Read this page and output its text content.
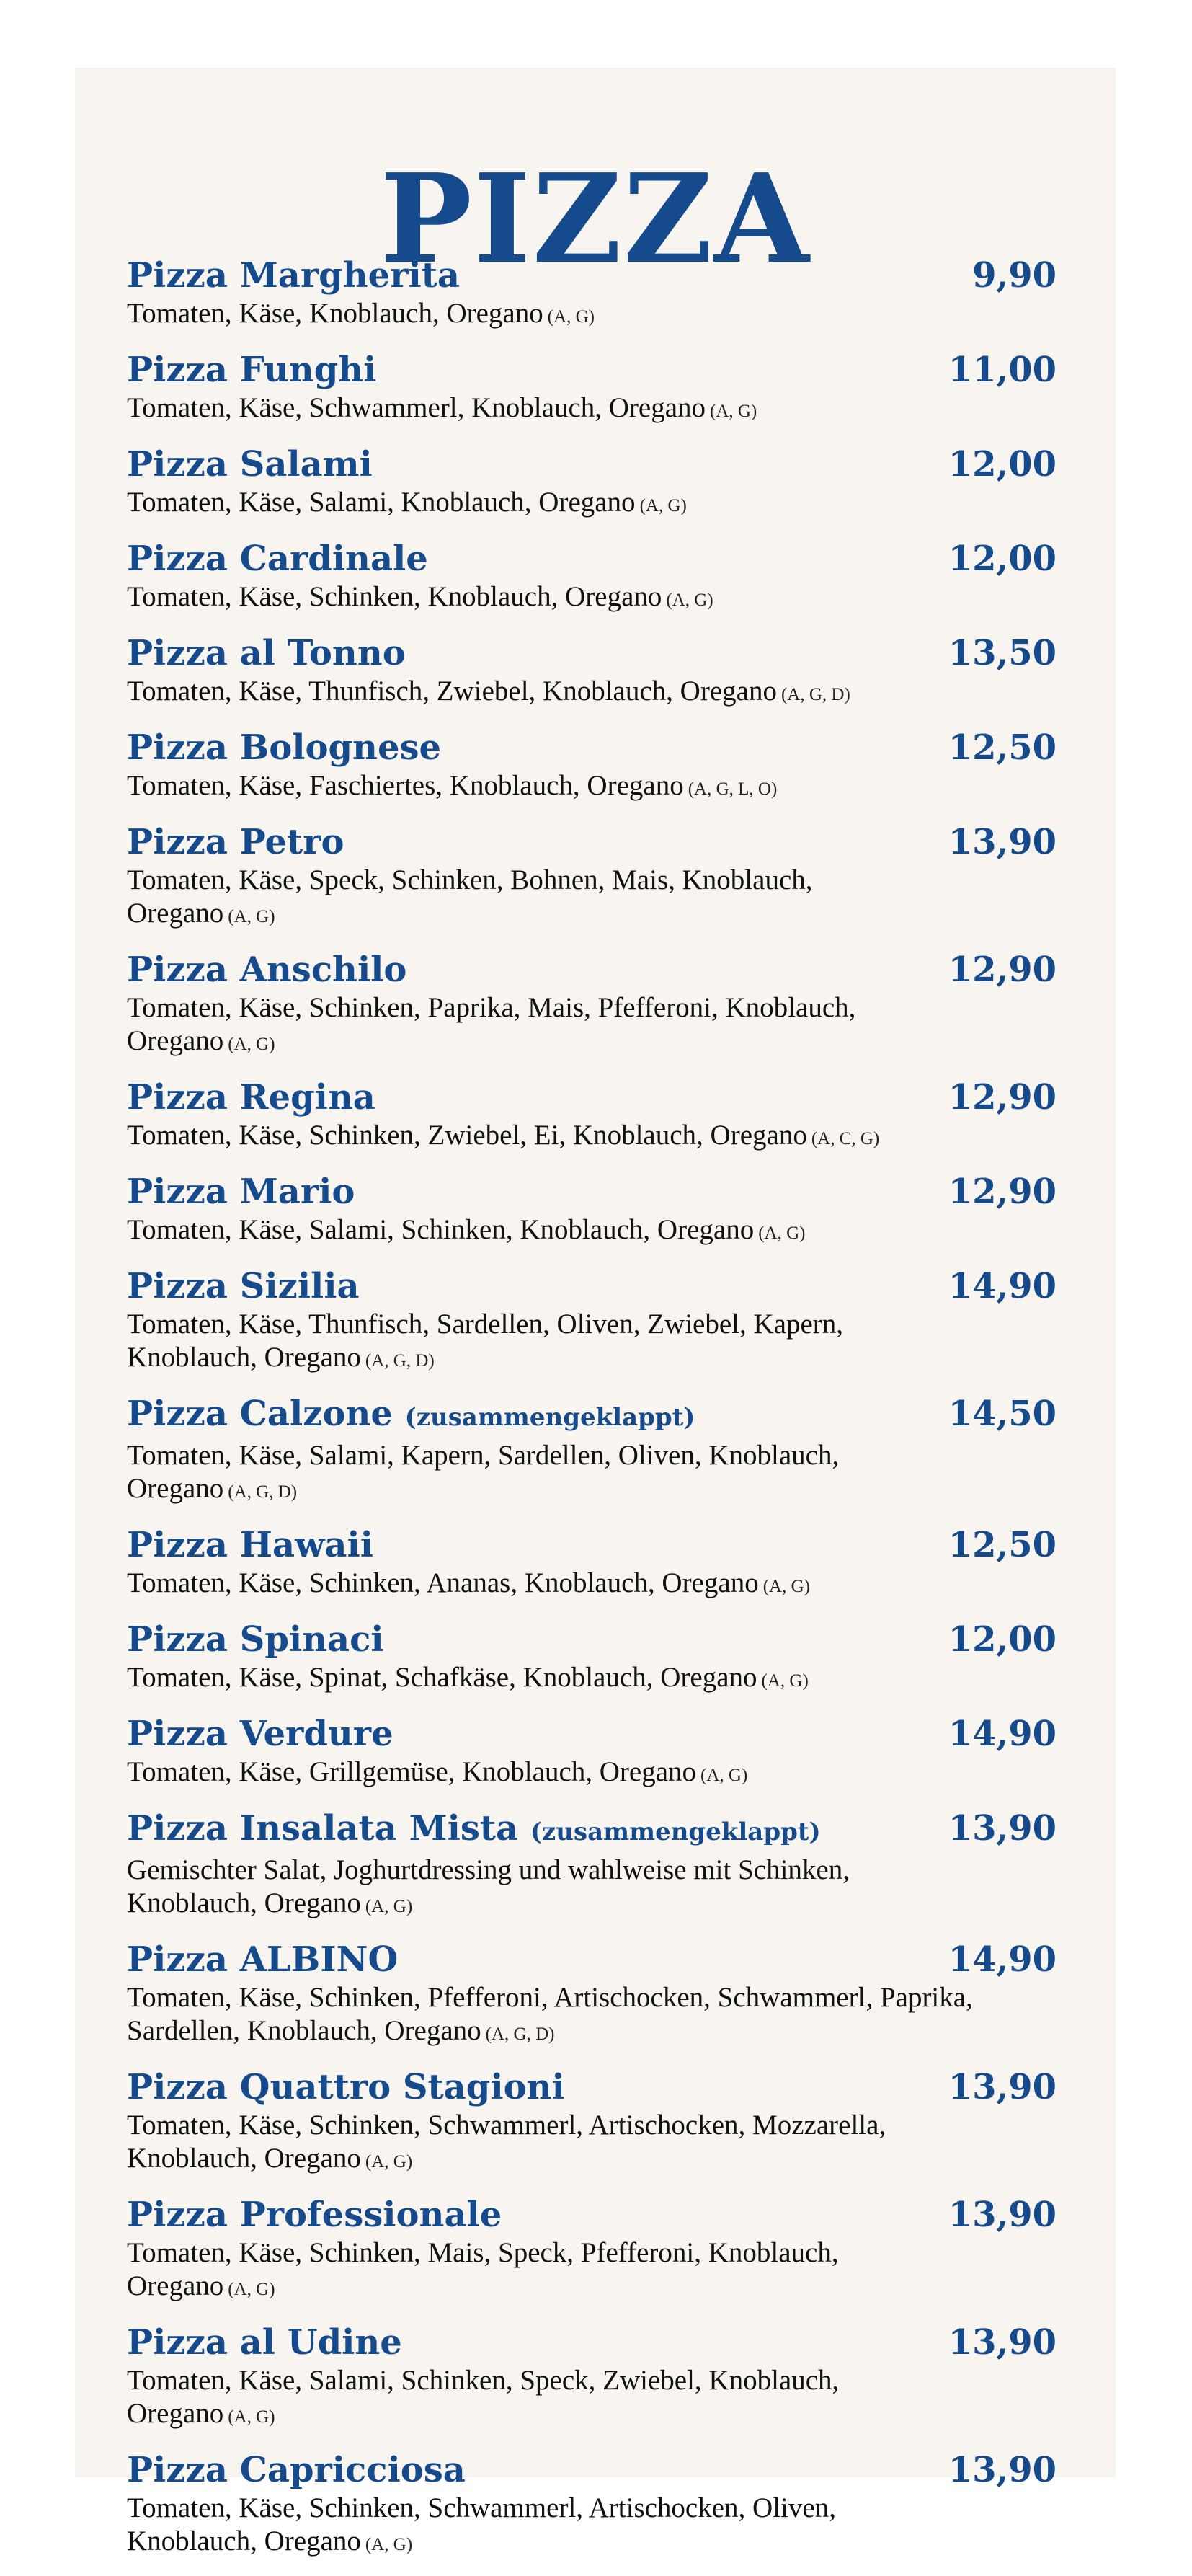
PIZZA
Pizza Margherita	9,90
Tomaten, Käse, Knoblauch, Oregano (A, G)
Pizza Funghi	11,00
Tomaten, Käse, Schwammerl, Knoblauch, Oregano (A, G)
Pizza Salami	12,00
Tomaten, Käse, Salami, Knoblauch, Oregano (A, G)
Pizza Cardinale	12,00
Tomaten, Käse, Schinken, Knoblauch, Oregano (A, G)
Pizza al Tonno	13,50
Tomaten, Käse, Thunfisch, Zwiebel, Knoblauch, Oregano (A, G, D)
Pizza Bolognese	12,50
Tomaten, Käse, Faschiertes, Knoblauch, Oregano (A, G, L, O)
Pizza Petro	13,90
Tomaten, Käse, Speck, Schinken, Bohnen, Mais, Knoblauch, Oregano (A, G)
Pizza Anschilo	12,90
Tomaten, Käse, Schinken, Paprika, Mais, Pfefferoni, Knoblauch, Oregano (A, G)
Pizza Regina	12,90
Tomaten, Käse, Schinken, Zwiebel, Ei, Knoblauch, Oregano (A, C, G)
Pizza Mario	12,90
Tomaten, Käse, Salami, Schinken, Knoblauch, Oregano (A, G)
Pizza Sizilia	14,90
Tomaten, Käse, Thunfisch, Sardellen, Oliven, Zwiebel, Kapern, Knoblauch, Oregano (A, G, D)
Pizza Calzone (zusammengeklappt)	14,50
Tomaten, Käse, Salami, Kapern, Sardellen, Oliven, Knoblauch, Oregano (A, G, D)
Pizza Hawaii	12,50
Tomaten, Käse, Schinken, Ananas, Knoblauch, Oregano (A, G)
Pizza Spinaci	12,00
Tomaten, Käse, Spinat, Schafkäse, Knoblauch, Oregano (A, G)
Pizza Verdure	14,90
Tomaten, Käse, Grillgemüse, Knoblauch, Oregano (A, G)
Pizza Insalata Mista (zusammengeklappt)	13,90
Gemischter Salat, Joghurtdressing und wahlweise mit Schinken, Knoblauch, Oregano (A, G)
Pizza ALBINO	14,90
Tomaten, Käse, Schinken, Pfefferoni, Artischocken, Schwammerl, Paprika, Sardellen, Knoblauch, Oregano (A, G, D)
Pizza Quattro Stagioni	13,90
Tomaten, Käse, Schinken, Schwammerl, Artischocken, Mozzarella, Knoblauch, Oregano (A, G)
Pizza Professionale	13,90
Tomaten, Käse, Schinken, Mais, Speck, Pfefferoni, Knoblauch, Oregano (A, G)
Pizza al Udine	13,90
Tomaten, Käse, Salami, Schinken, Speck, Zwiebel, Knoblauch, Oregano (A, G)
Pizza Capricciosa	13,90
Tomaten, Käse, Schinken, Schwammerl, Artischocken, Oliven, Knoblauch, Oregano (A, G)
